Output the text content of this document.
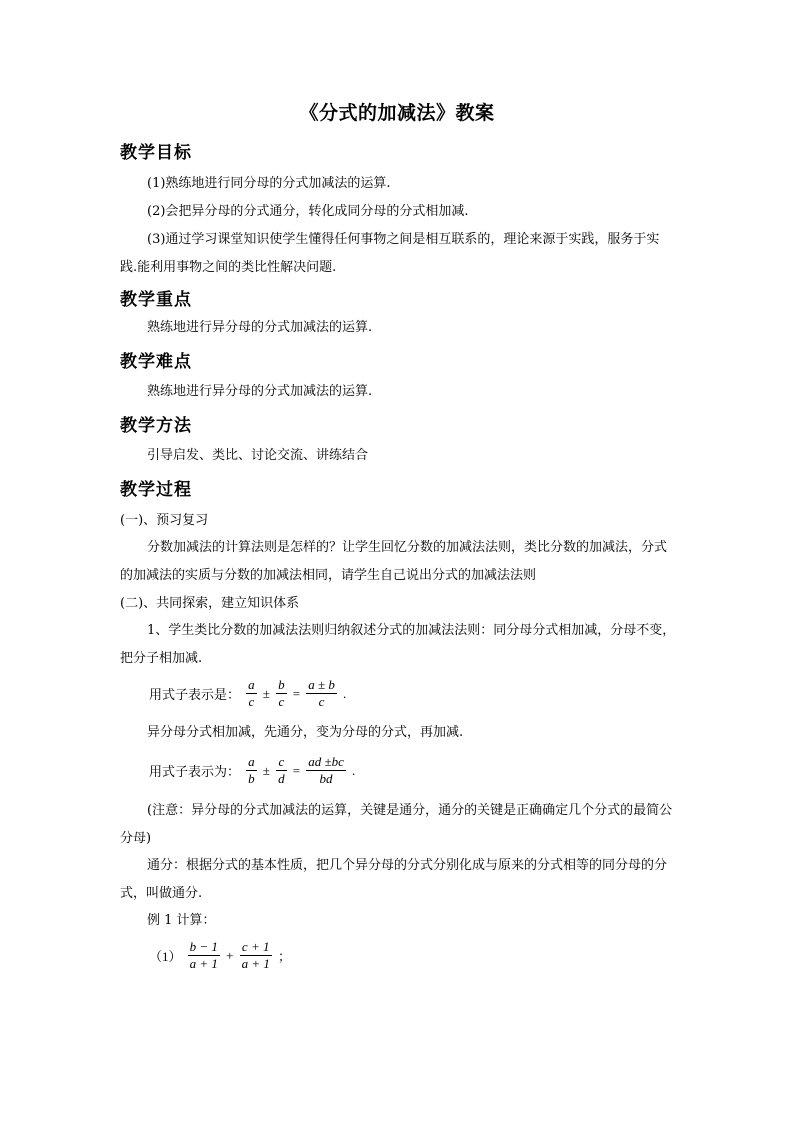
《分式的加减法》教案
教学目标
(1)熟练地进行同分母的分式加减法的运算.
(2)会把异分母的分式通分，转化成同分母的分式相加减.
(3)通过学习课堂知识使学生懂得任何事物之间是相互联系的，理论来源于实践，服务于实践.能利用事物之间的类比性解决问题.
教学重点
熟练地进行异分母的分式加减法的运算.
教学难点
熟练地进行异分母的分式加减法的运算.
教学方法
引导启发、类比、讨论交流、讲练结合
教学过程
(一)、预习复习
分数加减法的计算法则是怎样的？让学生回忆分数的加减法法则，类比分数的加减法，分式的加减法的实质与分数的加减法相同，请学生自己说出分式的加减法法则
(二)、共同探索，建立知识体系
1、学生类比分数的加减法法则归纳叙述分式的加减法法则：同分母分式相加减，分母不变，把分子相加减.
用式子表示是： $\frac{a}{c} \pm \frac{b}{c} = \frac{a \pm b}{c}$ .
异分母分式相加减，先通分，变为分母的分式，再加减.
用式子表示为： $\frac{a}{b} \pm \frac{c}{d} = \frac{ad \pm bc}{bd}$ .
(注意：异分母的分式加减法的运算，关键是通分，通分的关键是正确确定几个分式的最简公分母)
通分：根据分式的基本性质，把几个异分母的分式分别化成与原来的分式相等的同分母的分式，叫做通分.
例 1 计算：
$(1) \frac{b - 1}{a + 1} + \frac{c + 1}{a + 1}$ ；
